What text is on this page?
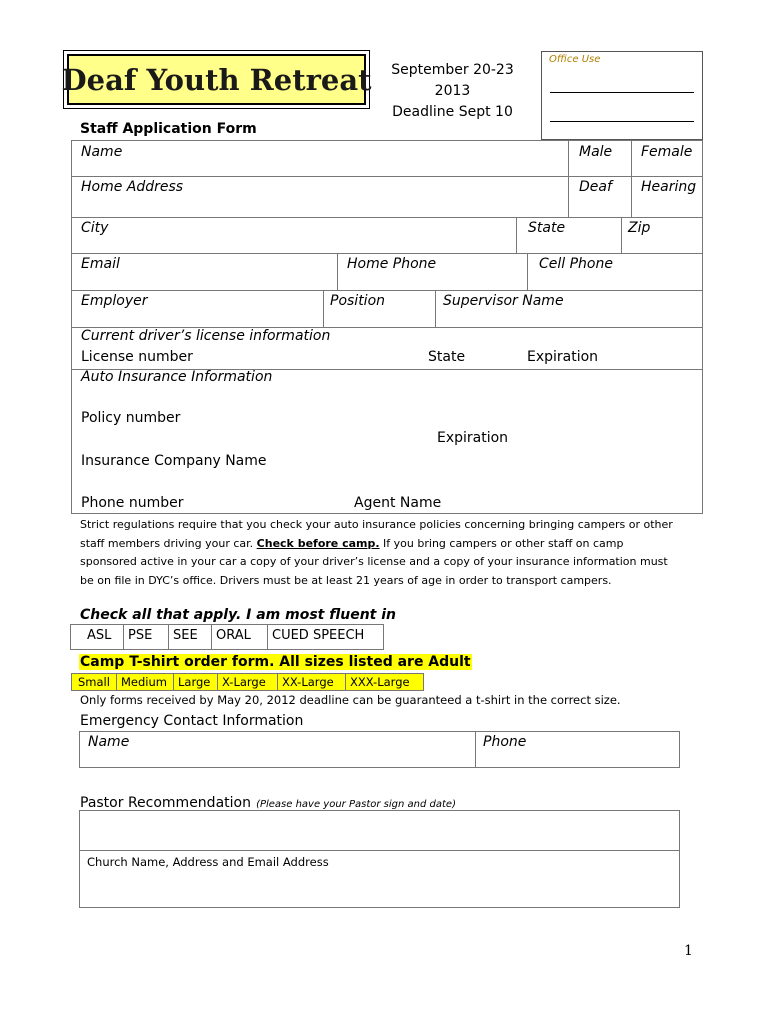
Deaf Youth Retreat	September 20-23
2013
Deadline Sept 10
Office Use
Staff Application Form
Name	Male Female
Home Address	Deaf Hearing
City	State	Zip
Email	Home Phone	Cell Phone
Employer	Position	Supervisor Name
Current driver’s license information
License number	State	Expiration
Auto Insurance Information
Policy number
Expiration
Insurance Company Name
Phone number	Agent Name
Strict regulations require that you check your auto insurance policies concerning bringing campers or other staff members driving your car. Check before camp. If you bring campers or other staff on camp sponsored active in your car a copy of your driver’s license and a copy of your insurance information must be on file in DYC’s office. Drivers must be at least 21 years of age in order to transport campers.
Check all that apply. I am most fluent in
ASL	PSE	SEE	ORAL	CUED SPEECH
Camp T-shirt order form. All sizes listed are Adult
Small	Medium	Large	X-Large	XX-Large	XXX-Large
Only forms received by May 20, 2012 deadline can be guaranteed a t-shirt in the correct size.
Emergency Contact Information
Name	Phone
Pastor Recommendation (Please have your Pastor sign and date)
Church Name, Address and Email Address
1
